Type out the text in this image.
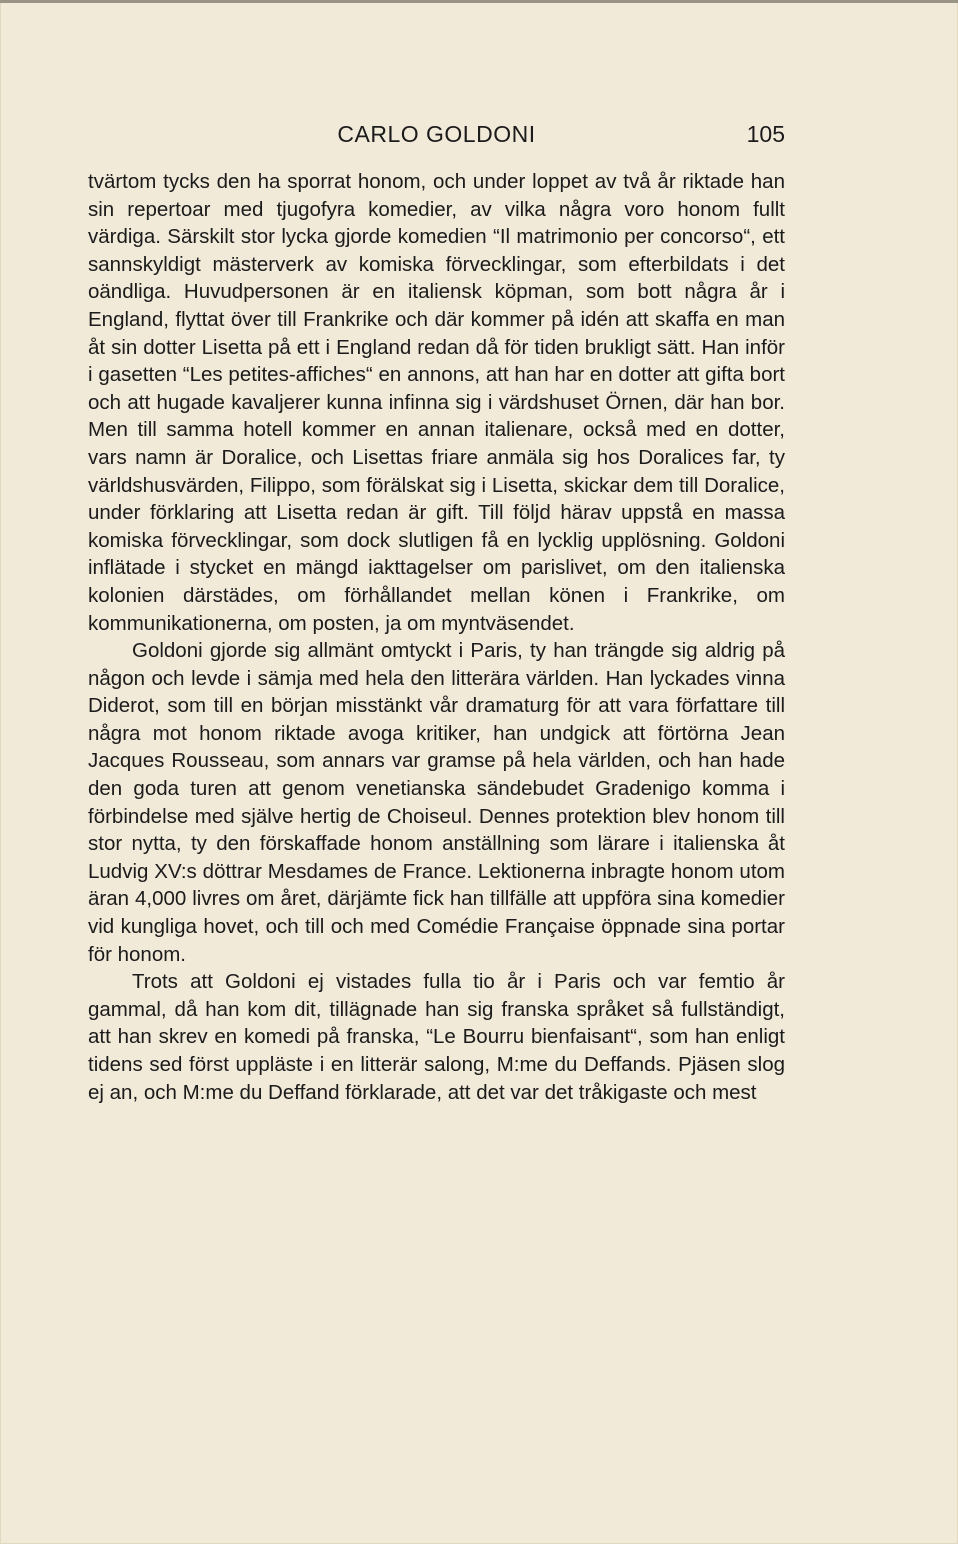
CARLO GOLDONI	105

tvärtom tycks den ha sporrat honom, och under loppet av två år riktade han sin repertoar med tjugofyra komedier, av vilka några voro honom fullt värdiga. Särskilt stor lycka gjorde komedien “Il matrimonio per concorso“, ett sannskyldigt mästerverk av komiska förvecklingar, som efterbildats i det oändliga. Huvudpersonen är en italiensk köpman, som bott några år i England, flyttat över till Frankrike och där kommer på idén att skaffa en man åt sin dotter Lisetta på ett i England redan då för tiden brukligt sätt. Han inför i gasetten “Les petites-affiches“ en annons, att han har en dotter att gifta bort och att hugade kavaljerer kunna infinna sig i värdshuset Örnen, där han bor. Men till samma hotell kommer en annan italienare, också med en dotter, vars namn är Doralice, och Lisettas friare anmäla sig hos Doralices far, ty världshusvärden, Filippo, som förälskat sig i Lisetta, skickar dem till Doralice, under förklaring att Lisetta redan är gift. Till följd härav uppstå en massa komiska förvecklingar, som dock slutligen få en lycklig upplösning. Goldoni inflätade i stycket en mängd iakttagelser om parislivet, om den italienska kolonien därstädes, om förhållandet mellan könen i Frankrike, om kommunikationerna, om posten, ja om myntväsendet.

Goldoni gjorde sig allmänt omtyckt i Paris, ty han trängde sig aldrig på någon och levde i sämja med hela den litterära världen. Han lyckades vinna Diderot, som till en början misstänkt vår dramaturg för att vara författare till några mot honom riktade avoga kritiker, han undgick att förtörna Jean Jacques Rousseau, som annars var gramse på hela världen, och han hade den goda turen att genom venetianska sändebudet Gradenigo komma i förbindelse med själve hertig de Choiseul. Dennes protektion blev honom till stor nytta, ty den förskaffade honom anställning som lärare i italienska åt Ludvig XV:s döttrar Mesdames de France. Lektionerna inbragte honom utom äran 4,000 livres om året, därjämte fick han tillfälle att uppföra sina komedier vid kungliga hovet, och till och med Comédie Française öppnade sina portar för honom.

Trots att Goldoni ej vistades fulla tio år i Paris och var femtio år gammal, då han kom dit, tillägnade han sig franska språket så fullständigt, att han skrev en komedi på franska, “Le Bourru bienfaisant“, som han enligt tidens sed först uppläste i en litterär salong, M:me du Deffands. Pjäsen slog ej an, och M:me du Deffand förklarade, att det var det tråkigaste och mest
